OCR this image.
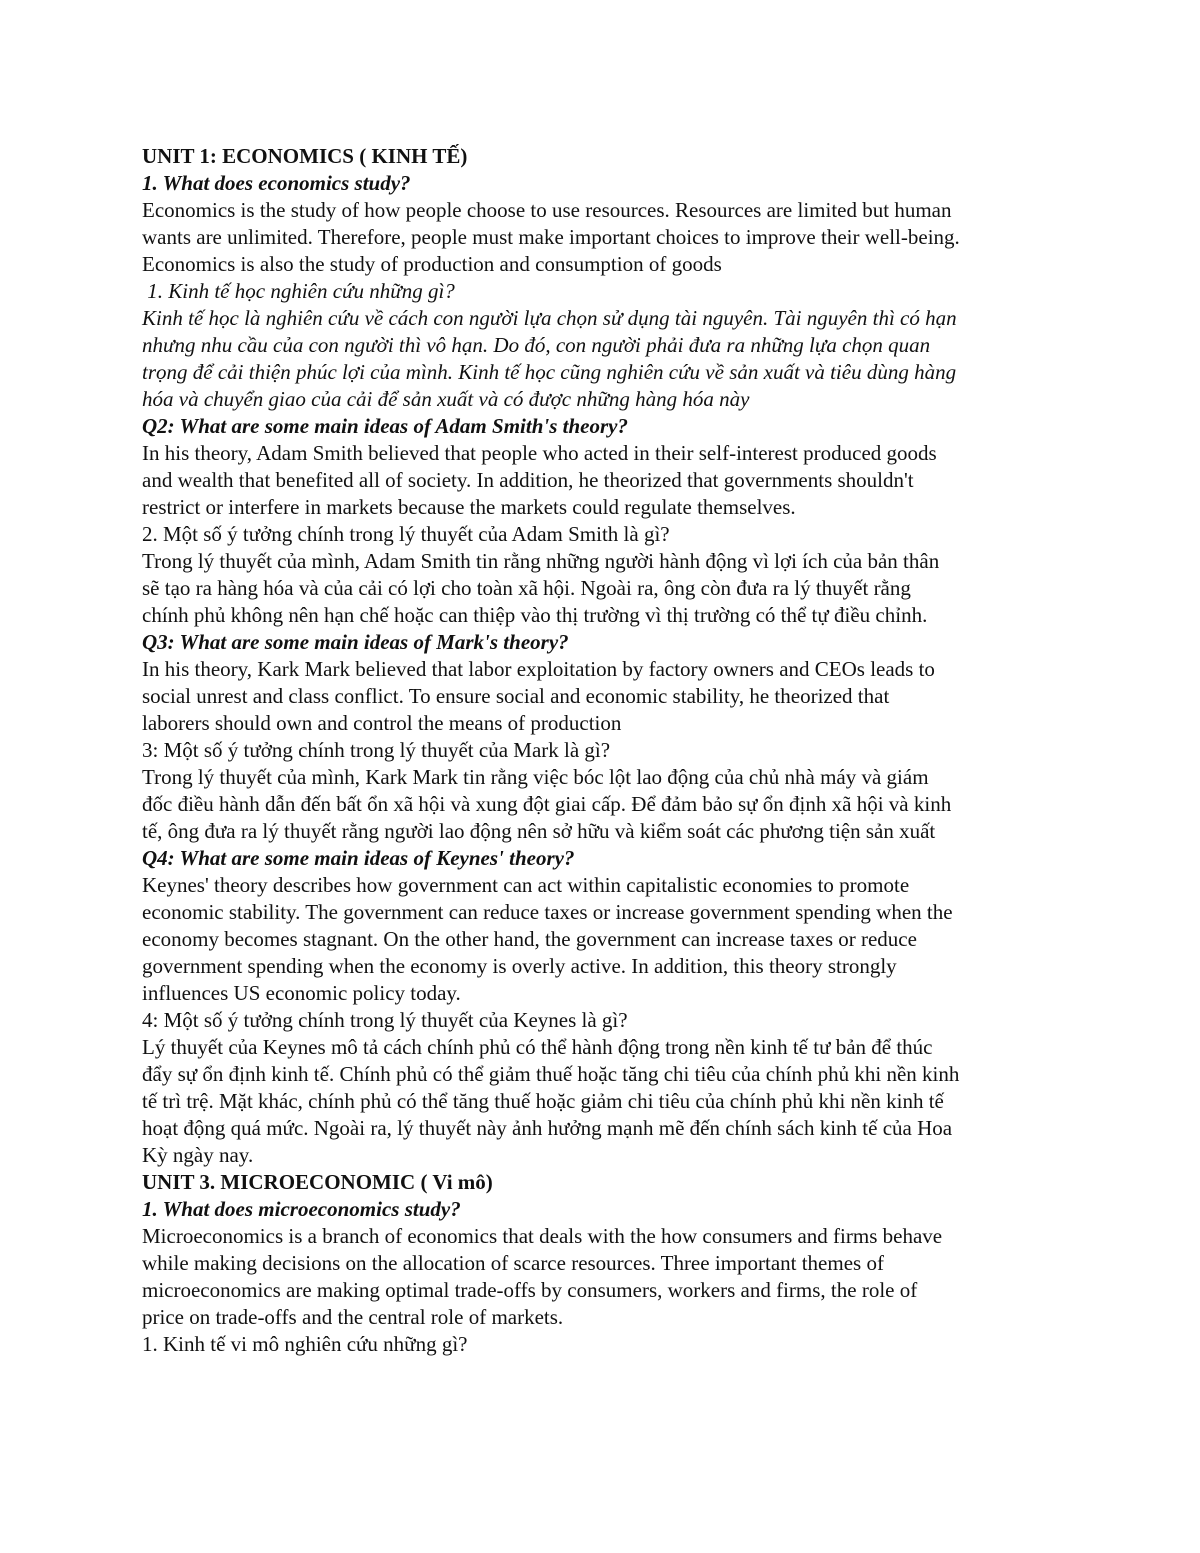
UNIT 1: ECONOMICS ( KINH TẾ)

1. What does economics study?

Economics is the study of how people choose to use resources. Resources are limited but human

wants are unlimited. Therefore, people must make important choices to improve their well-being.

Economics is also the study of production and consumption of goods

1. Kinh tế học nghiên cứu những gì?

Kinh tế học là nghiên cứu về cách con người lựa chọn sử dụng tài nguyên. Tài nguyên thì có hạn

nhưng nhu cầu của con người thì vô hạn. Do đó, con người phải đưa ra những lựa chọn quan

trọng để cải thiện phúc lợi của mình. Kinh tế học cũng nghiên cứu về sản xuất và tiêu dùng hàng

hóa và chuyển giao của cải để sản xuất và có được những hàng hóa này

Q2: What are some main ideas of Adam Smith's theory?

In his theory, Adam Smith believed that people who acted in their self-interest produced goods

and wealth that benefited all of society. In addition, he theorized that governments shouldn't

restrict or interfere in markets because the markets could regulate themselves.

2. Một số ý tưởng chính trong lý thuyết của Adam Smith là gì?

Trong lý thuyết của mình, Adam Smith tin rằng những người hành động vì lợi ích của bản thân

sẽ tạo ra hàng hóa và của cải có lợi cho toàn xã hội. Ngoài ra, ông còn đưa ra lý thuyết rằng

chính phủ không nên hạn chế hoặc can thiệp vào thị trường vì thị trường có thể tự điều chỉnh.

Q3: What are some main ideas of Mark's theory?

In his theory, Kark Mark believed that labor exploitation by factory owners and CEOs leads to

social unrest and class conflict. To ensure social and economic stability, he theorized that

laborers should own and control the means of production

3: Một số ý tưởng chính trong lý thuyết của Mark là gì?

Trong lý thuyết của mình, Kark Mark tin rằng việc bóc lột lao động của chủ nhà máy và giám

đốc điều hành dẫn đến bất ổn xã hội và xung đột giai cấp. Để đảm bảo sự ổn định xã hội và kinh

tế, ông đưa ra lý thuyết rằng người lao động nên sở hữu và kiểm soát các phương tiện sản xuất

Q4: What are some main ideas of Keynes' theory?

Keynes' theory describes how government can act within capitalistic economies to promote

economic stability. The government can reduce taxes or increase government spending when the

economy becomes stagnant. On the other hand, the government can increase taxes or reduce

government spending when the economy is overly active. In addition, this theory strongly

influences US economic policy today.

4: Một số ý tưởng chính trong lý thuyết của Keynes là gì?

Lý thuyết của Keynes mô tả cách chính phủ có thể hành động trong nền kinh tế tư bản để thúc

đẩy sự ổn định kinh tế. Chính phủ có thể giảm thuế hoặc tăng chi tiêu của chính phủ khi nền kinh

tế trì trệ. Mặt khác, chính phủ có thể tăng thuế hoặc giảm chi tiêu của chính phủ khi nền kinh tế

hoạt động quá mức. Ngoài ra, lý thuyết này ảnh hưởng mạnh mẽ đến chính sách kinh tế của Hoa

Kỳ ngày nay.

UNIT 3. MICROECONOMIC ( Vi mô)

1. What does microeconomics study?

Microeconomics is a branch of economics that deals with the how consumers and firms behave

while making decisions on the allocation of scarce resources. Three important themes of

microeconomics are making optimal trade-offs by consumers, workers and firms, the role of

price on trade-offs and the central role of markets.

1. Kinh tế vi mô nghiên cứu những gì?
